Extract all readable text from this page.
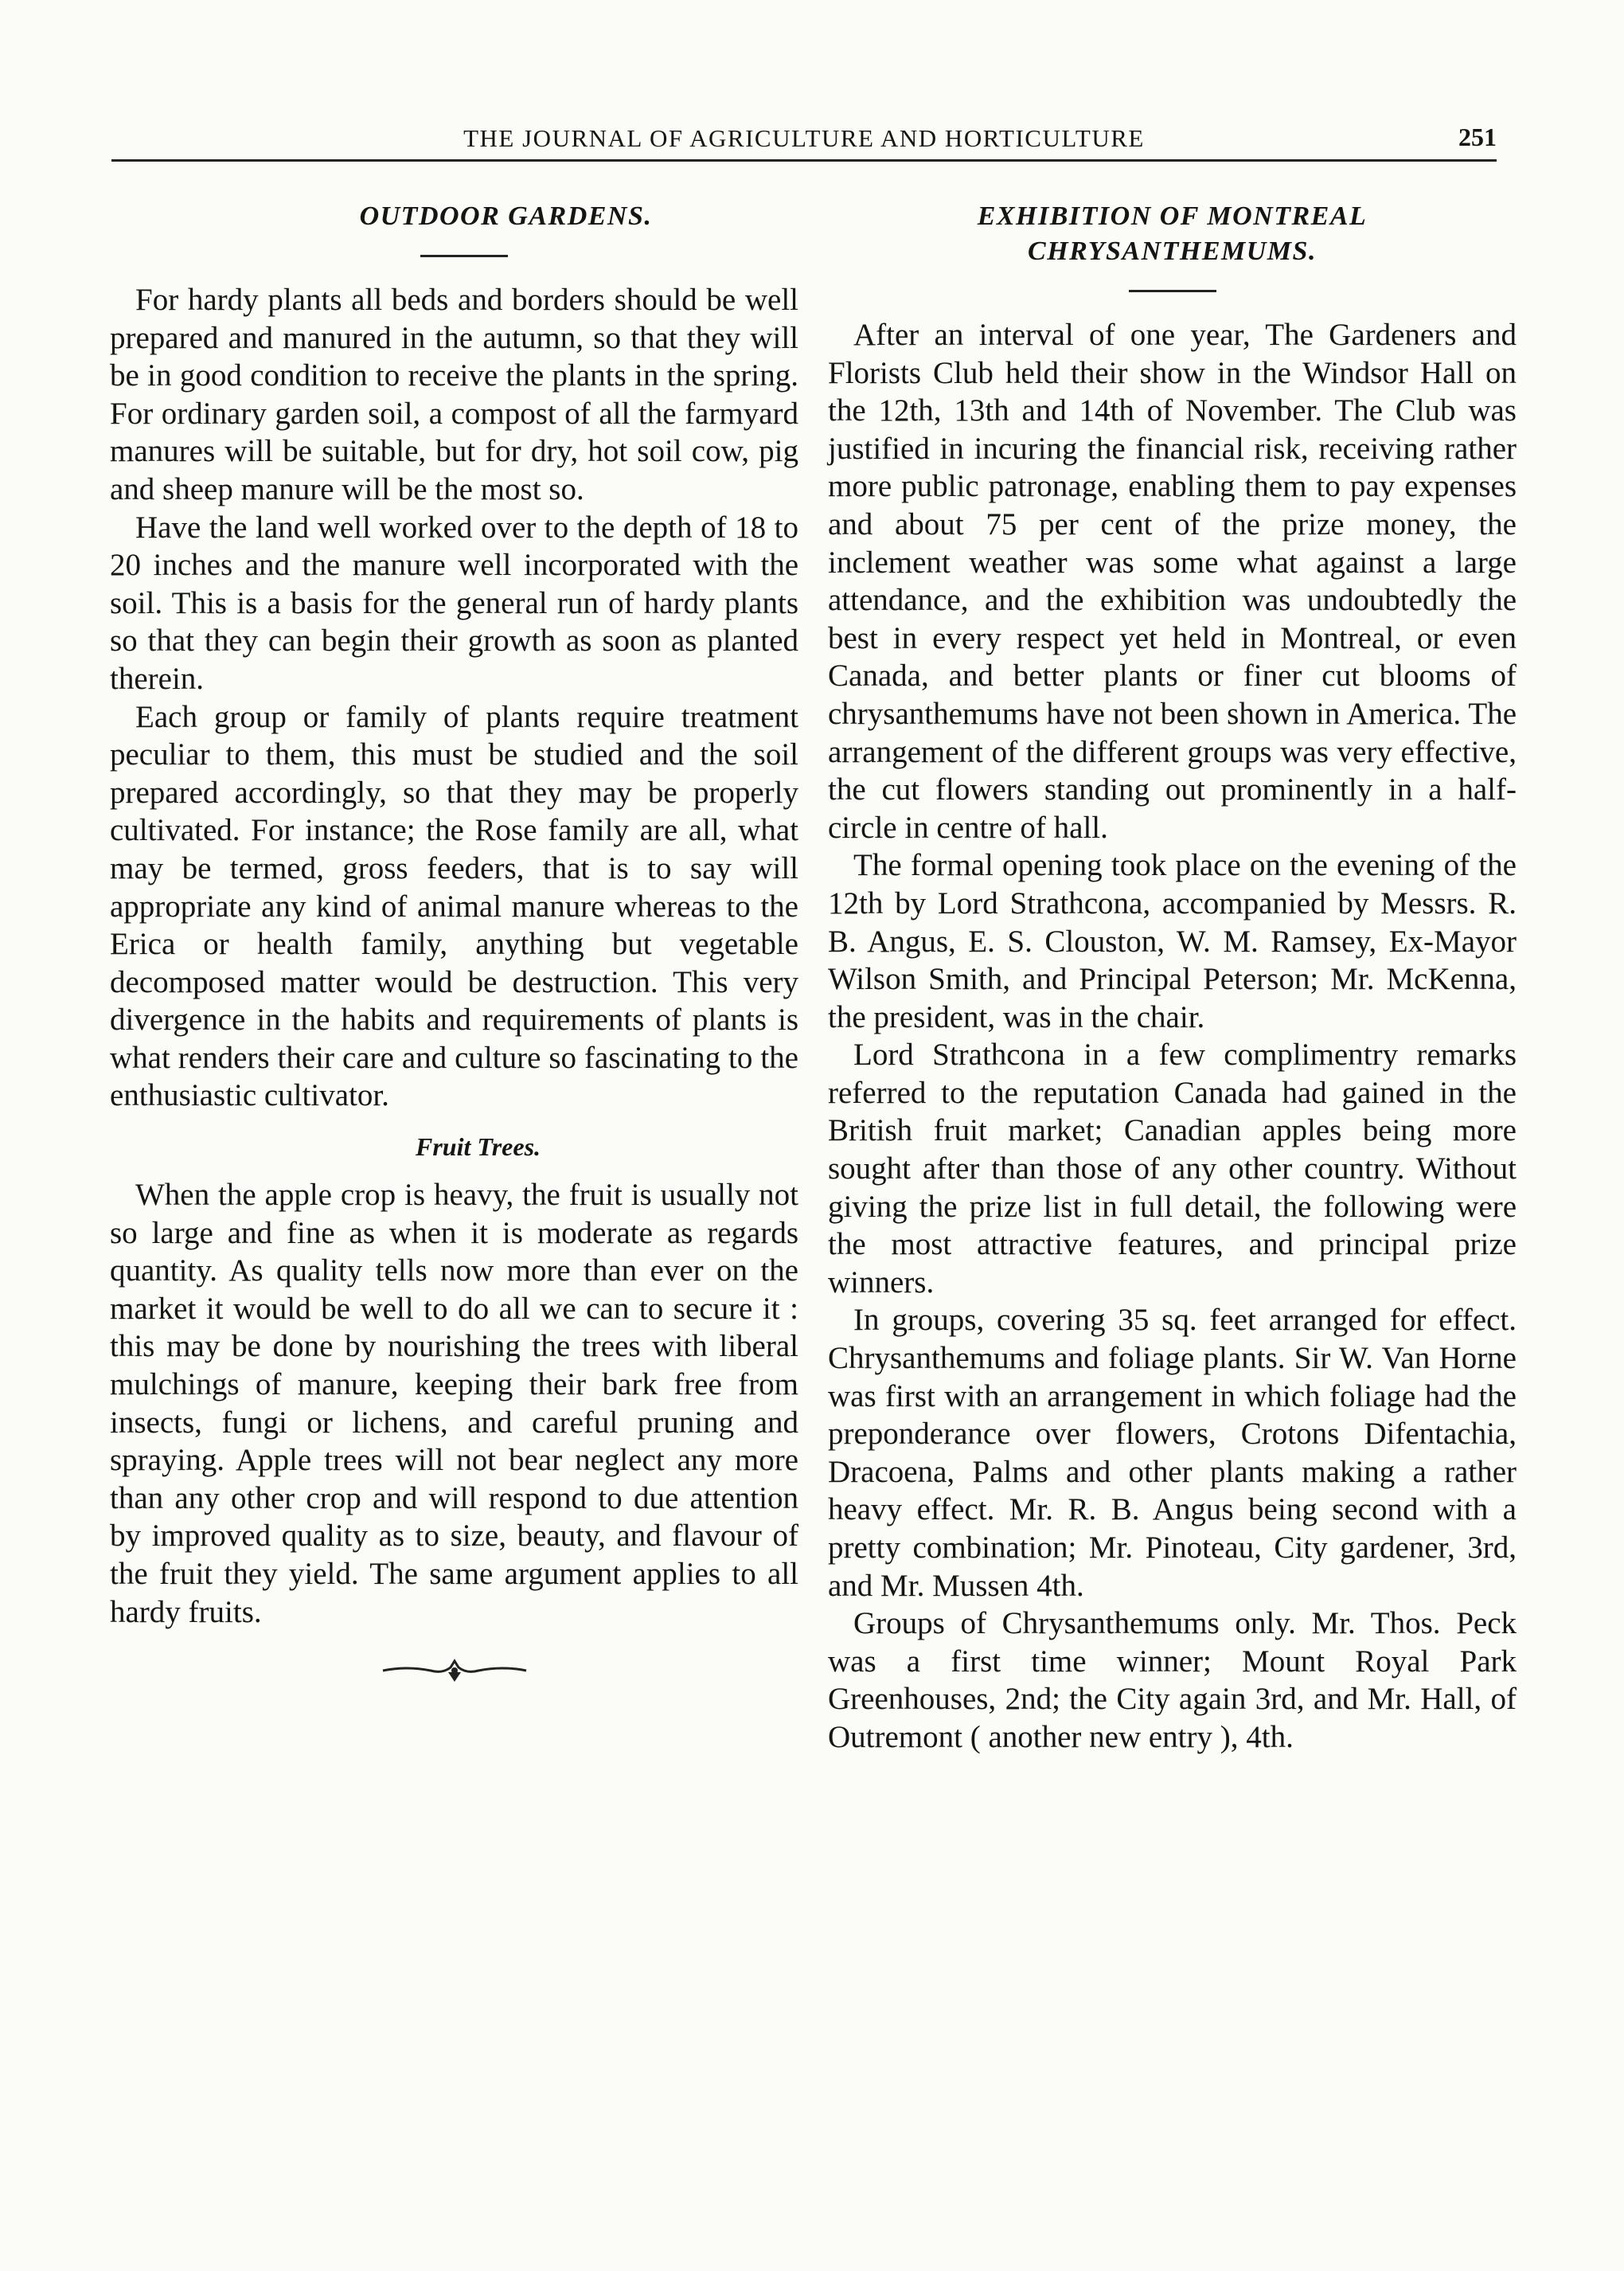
THE JOURNAL OF AGRICULTURE AND HORTICULTURE	251
OUTDOOR GARDENS.

For hardy plants all beds and borders should be well prepared and manured in the autumn, so that they will be in good condition to receive the plants in the spring. For ordinary garden soil, a compost of all the farmyard manures will be suitable, but for dry, hot soil cow, pig and sheep manure will be the most so.

Have the land well worked over to the depth of 18 to 20 inches and the manure well incorporated with the soil. This is a basis for the general run of hardy plants so that they can begin their growth as soon as planted therein.

Each group or family of plants require treatment peculiar to them, this must be studied and the soil prepared accordingly, so that they may be properly cultivated. For instance; the Rose family are all, what may be termed, gross feeders, that is to say will appropriate any kind of animal manure whereas to the Erica or health family, anything but vegetable decomposed matter would be destruction. This very divergence in the habits and requirements of plants is what renders their care and culture so fascinating to the enthusiastic cultivator.

Fruit Trees.

When the apple crop is heavy, the fruit is usually not so large and fine as when it is moderate as regards quantity. As quality tells now more than ever on the market it would be well to do all we can to secure it : this may be done by nourishing the trees with liberal mulchings of manure, keeping their bark free from insects, fungi or lichens, and careful pruning and spraying. Apple trees will not bear neglect any more than any other crop and will respond to due attention by improved quality as to size, beauty, and flavour of the fruit they yield. The same argument applies to all hardy fruits.

EXHIBITION OF MONTREAL
CHRYSANTHEMUMS.

After an interval of one year, The Gardeners and Florists Club held their show in the Windsor Hall on the 12th, 13th and 14th of November. The Club was justified in incuring the financial risk, receiving rather more public patronage, enabling them to pay expenses and about 75 per cent of the prize money, the inclement weather was some what against a large attendance, and the exhibition was undoubtedly the best in every respect yet held in Montreal, or even Canada, and better plants or finer cut blooms of chrysanthemums have not been shown in America. The arrangement of the different groups was very effective, the cut flowers standing out prominently in a half-circle in centre of hall.

The formal opening took place on the evening of the 12th by Lord Strathcona, accompanied by Messrs. R. B. Angus, E. S. Clouston, W. M. Ramsey, Ex-Mayor Wilson Smith, and Principal Peterson; Mr. McKenna, the president, was in the chair.

Lord Strathcona in a few complimentry remarks referred to the reputation Canada had gained in the British fruit market; Canadian apples being more sought after than those of any other country. Without giving the prize list in full detail, the following were the most attractive features, and principal prize winners.

In groups, covering 35 sq. feet arranged for effect. Chrysanthemums and foliage plants. Sir W. Van Horne was first with an arrangement in which foliage had the preponderance over flowers, Crotons Difentachia, Dracoena, Palms and other plants making a rather heavy effect. Mr. R. B. Angus being second with a pretty combination; Mr. Pinoteau, City gardener, 3rd, and Mr. Mussen 4th.

Groups of Chrysanthemums only. Mr. Thos. Peck was a first time winner; Mount Royal Park Greenhouses, 2nd; the City again 3rd, and Mr. Hall, of Outremont ( another new entry ), 4th.
